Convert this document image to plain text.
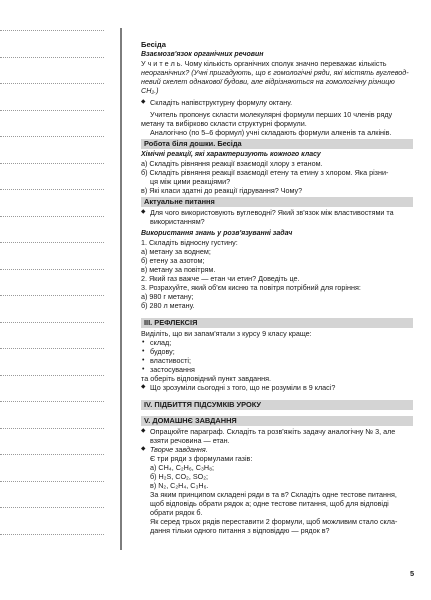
Бесіда

Взаємозв'язок органічних речовин

У ч и т е л ь. Чому кількість органічних сполук значно переважає кількість

неорганічних? (Учні пригадують, що є гомологічні ряди, які містять вуглевод-

невий скелет однакової будови, але відрізняються на гомологічну різницю СН₂.)

◆ Складіть напівструктурну формулу октану.

Учитель пропонує скласти молекулярні формули перших 10 членів ряду

метану та вибірково скласти структурні формули.

Аналогічно (по 5–6 формул) учні складають формули алкенів та алкінів.

Робота біля дошки. Бесіда

Хімічні реакції, які характеризують кожного класу

а) Складіть рівняння реакції взаємодії хлору з етаном.

б) Складіть рівняння реакції взаємодії етену та етину з хлором. Яка різни-

ця між цими реакціями?

в) Які класи здатні до реакції гідрування? Чому?

Актуальне питання

◆ Для чого використовують вуглеводні? Який зв'язок між властивостями та

використанням?

Використання знань у розв'язуванні задач

1. Складіть відносну густину:

а) метану за воднем;

б) етену за азотом;

в) метану за повітрям.

2. Який газ важче — етан чи етин? Доведіть це.

3. Розрахуйте, який об'єм кисню та повітря потрібний для горіння:

а) 980 г метану;

б) 280 л метану.

III. РЕФЛЕКСІЯ

Виділіть, що ви запам'ятали з курсу 9 класу краще:

• склад;

• будову;

• властивості;

• застосування

та оберіть відповідний пункт завдання.

◆ Що зрозуміли сьогодні з того, що не розуміли в 9 класі?

IV. ПІДБИТТЯ ПІДСУМКІВ УРОКУ
V. ДОМАШНЄ ЗАВДАННЯ

◆ Опрацюйте параграф. Складіть та розв'яжіть задачу аналогічну № 3, але

взяти речовина — етан.

◆ Творче завдання.

Є три ряди з формулами газів:

а) CH₄, C₂H₆, C₃H₈;

б) H₂S, CO₂, SO₂;

в) N₂, C₂H₄, C₃H₆.

За яким принципом складені ряди в та в? Складіть одне тестове питання,

щоб відповідь обрати рядок а; одне тестове питання, щоб для відповіді

обрати рядок б.

Як серед трьох рядів переставити 2 формули, щоб можливим стало скла-

дання тільки одного питання з відповіддю — рядок в?

5
